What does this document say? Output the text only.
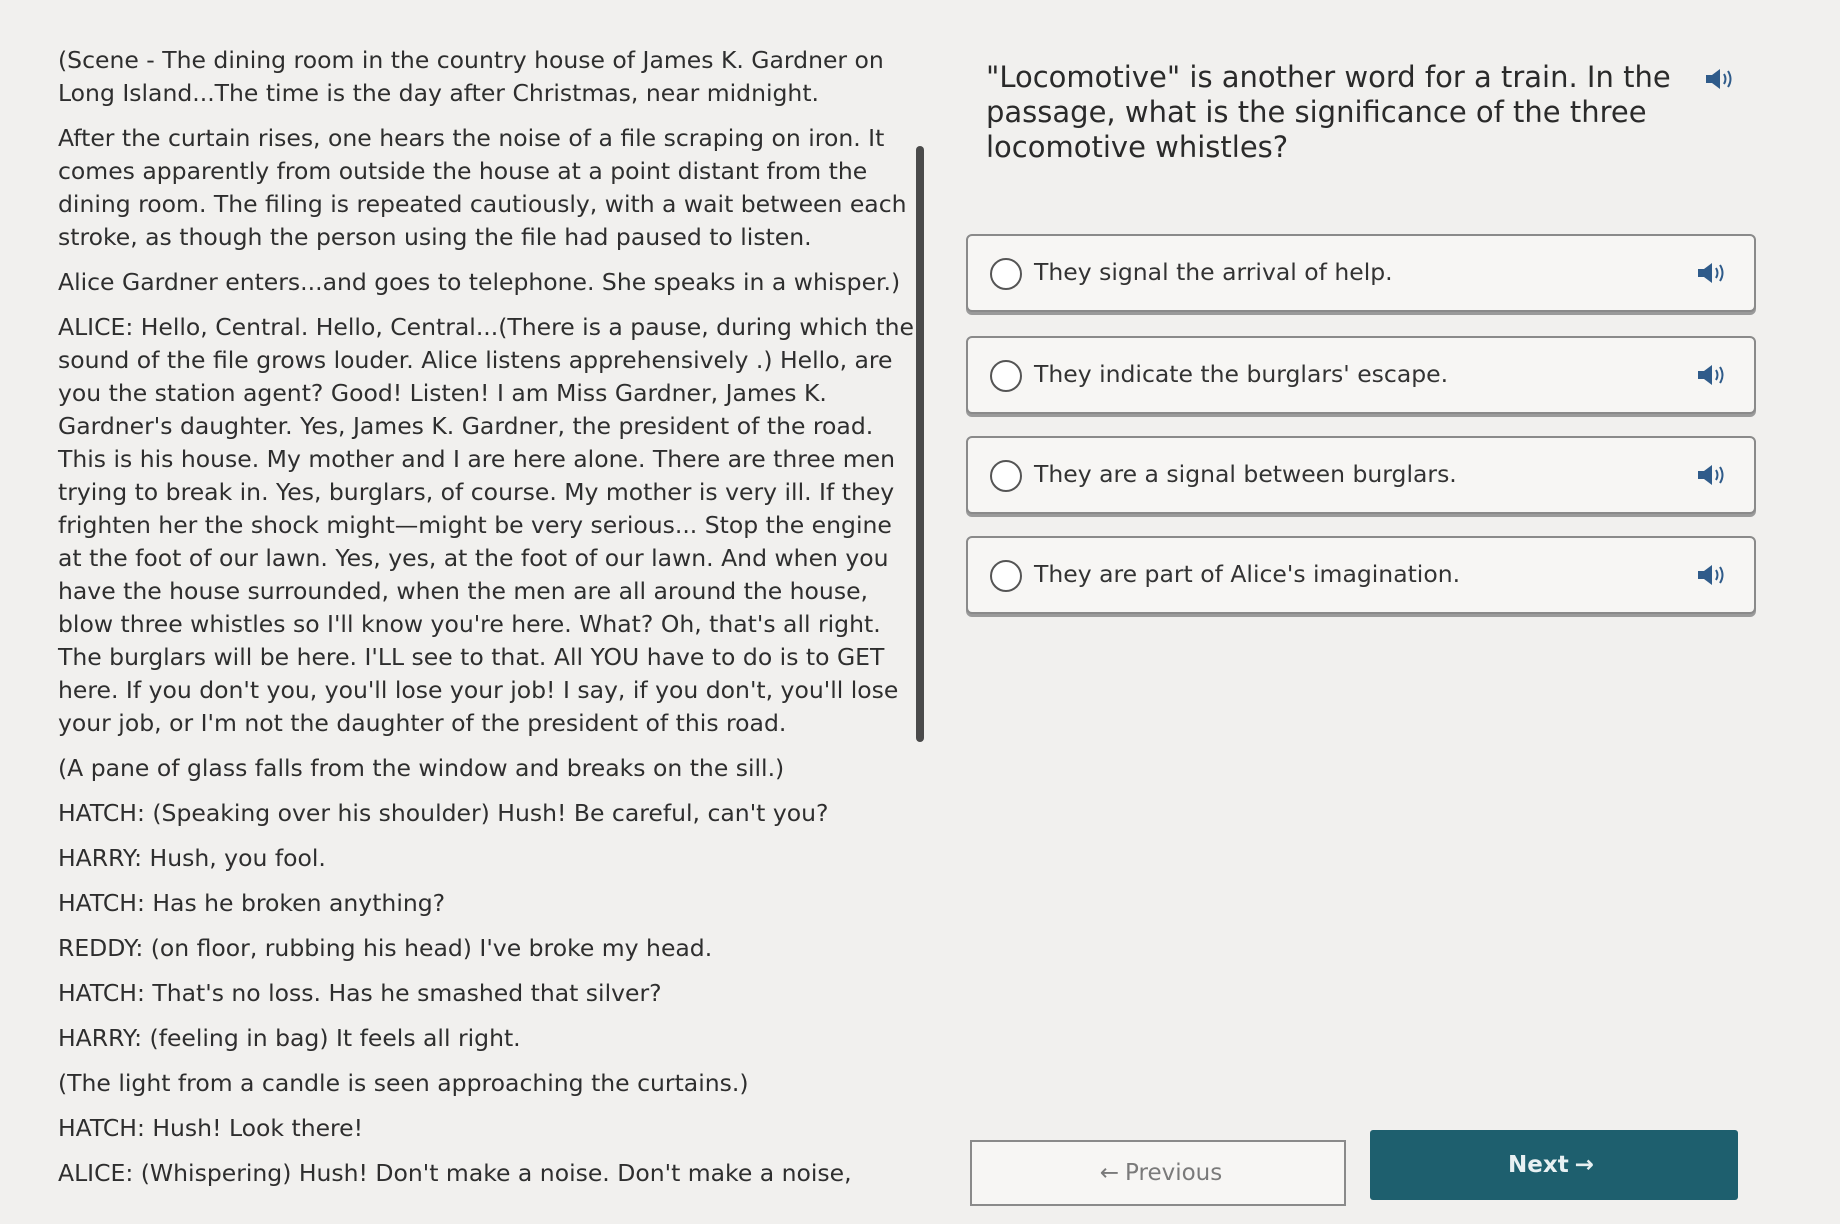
(Scene - The dining room in the country house of James K. Gardner on Long Island...The time is the day after Christmas, near midnight.

After the curtain rises, one hears the noise of a file scraping on iron. It comes apparently from outside the house at a point distant from the dining room. The filing is repeated cautiously, with a wait between each stroke, as though the person using the file had paused to listen.

Alice Gardner enters...and goes to telephone. She speaks in a whisper.)

ALICE: Hello, Central. Hello, Central...(There is a pause, during which the sound of the file grows louder. Alice listens apprehensively .) Hello, are you the station agent? Good! Listen! I am Miss Gardner, James K. Gardner's daughter. Yes, James K. Gardner, the president of the road. This is his house. My mother and I are here alone. There are three men trying to break in. Yes, burglars, of course. My mother is very ill. If they frighten her the shock might—might be very serious... Stop the engine at the foot of our lawn. Yes, yes, at the foot of our lawn. And when you have the house surrounded, when the men are all around the house, blow three whistles so I'll know you're here. What? Oh, that's all right. The burglars will be here. I'LL see to that. All YOU have to do is to GET here. If you don't you, you'll lose your job! I say, if you don't, you'll lose your job, or I'm not the daughter of the president of this road.

(A pane of glass falls from the window and breaks on the sill.)

HATCH: (Speaking over his shoulder) Hush! Be careful, can't you?

HARRY: Hush, you fool.

HATCH: Has he broken anything?

REDDY: (on floor, rubbing his head) I've broke my head.

HATCH: That's no loss. Has he smashed that silver?

HARRY: (feeling in bag) It feels all right.

(The light from a candle is seen approaching the curtains.)

HATCH: Hush! Look there!

ALICE: (Whispering) Hush! Don't make a noise. Don't make a noise,

"Locomotive" is another word for a train. In the passage, what is the significance of the three locomotive whistles?
They signal the arrival of help.
They indicate the burglars' escape.
They are a signal between burglars.
They are part of Alice's imagination.
← Previous	Next →
